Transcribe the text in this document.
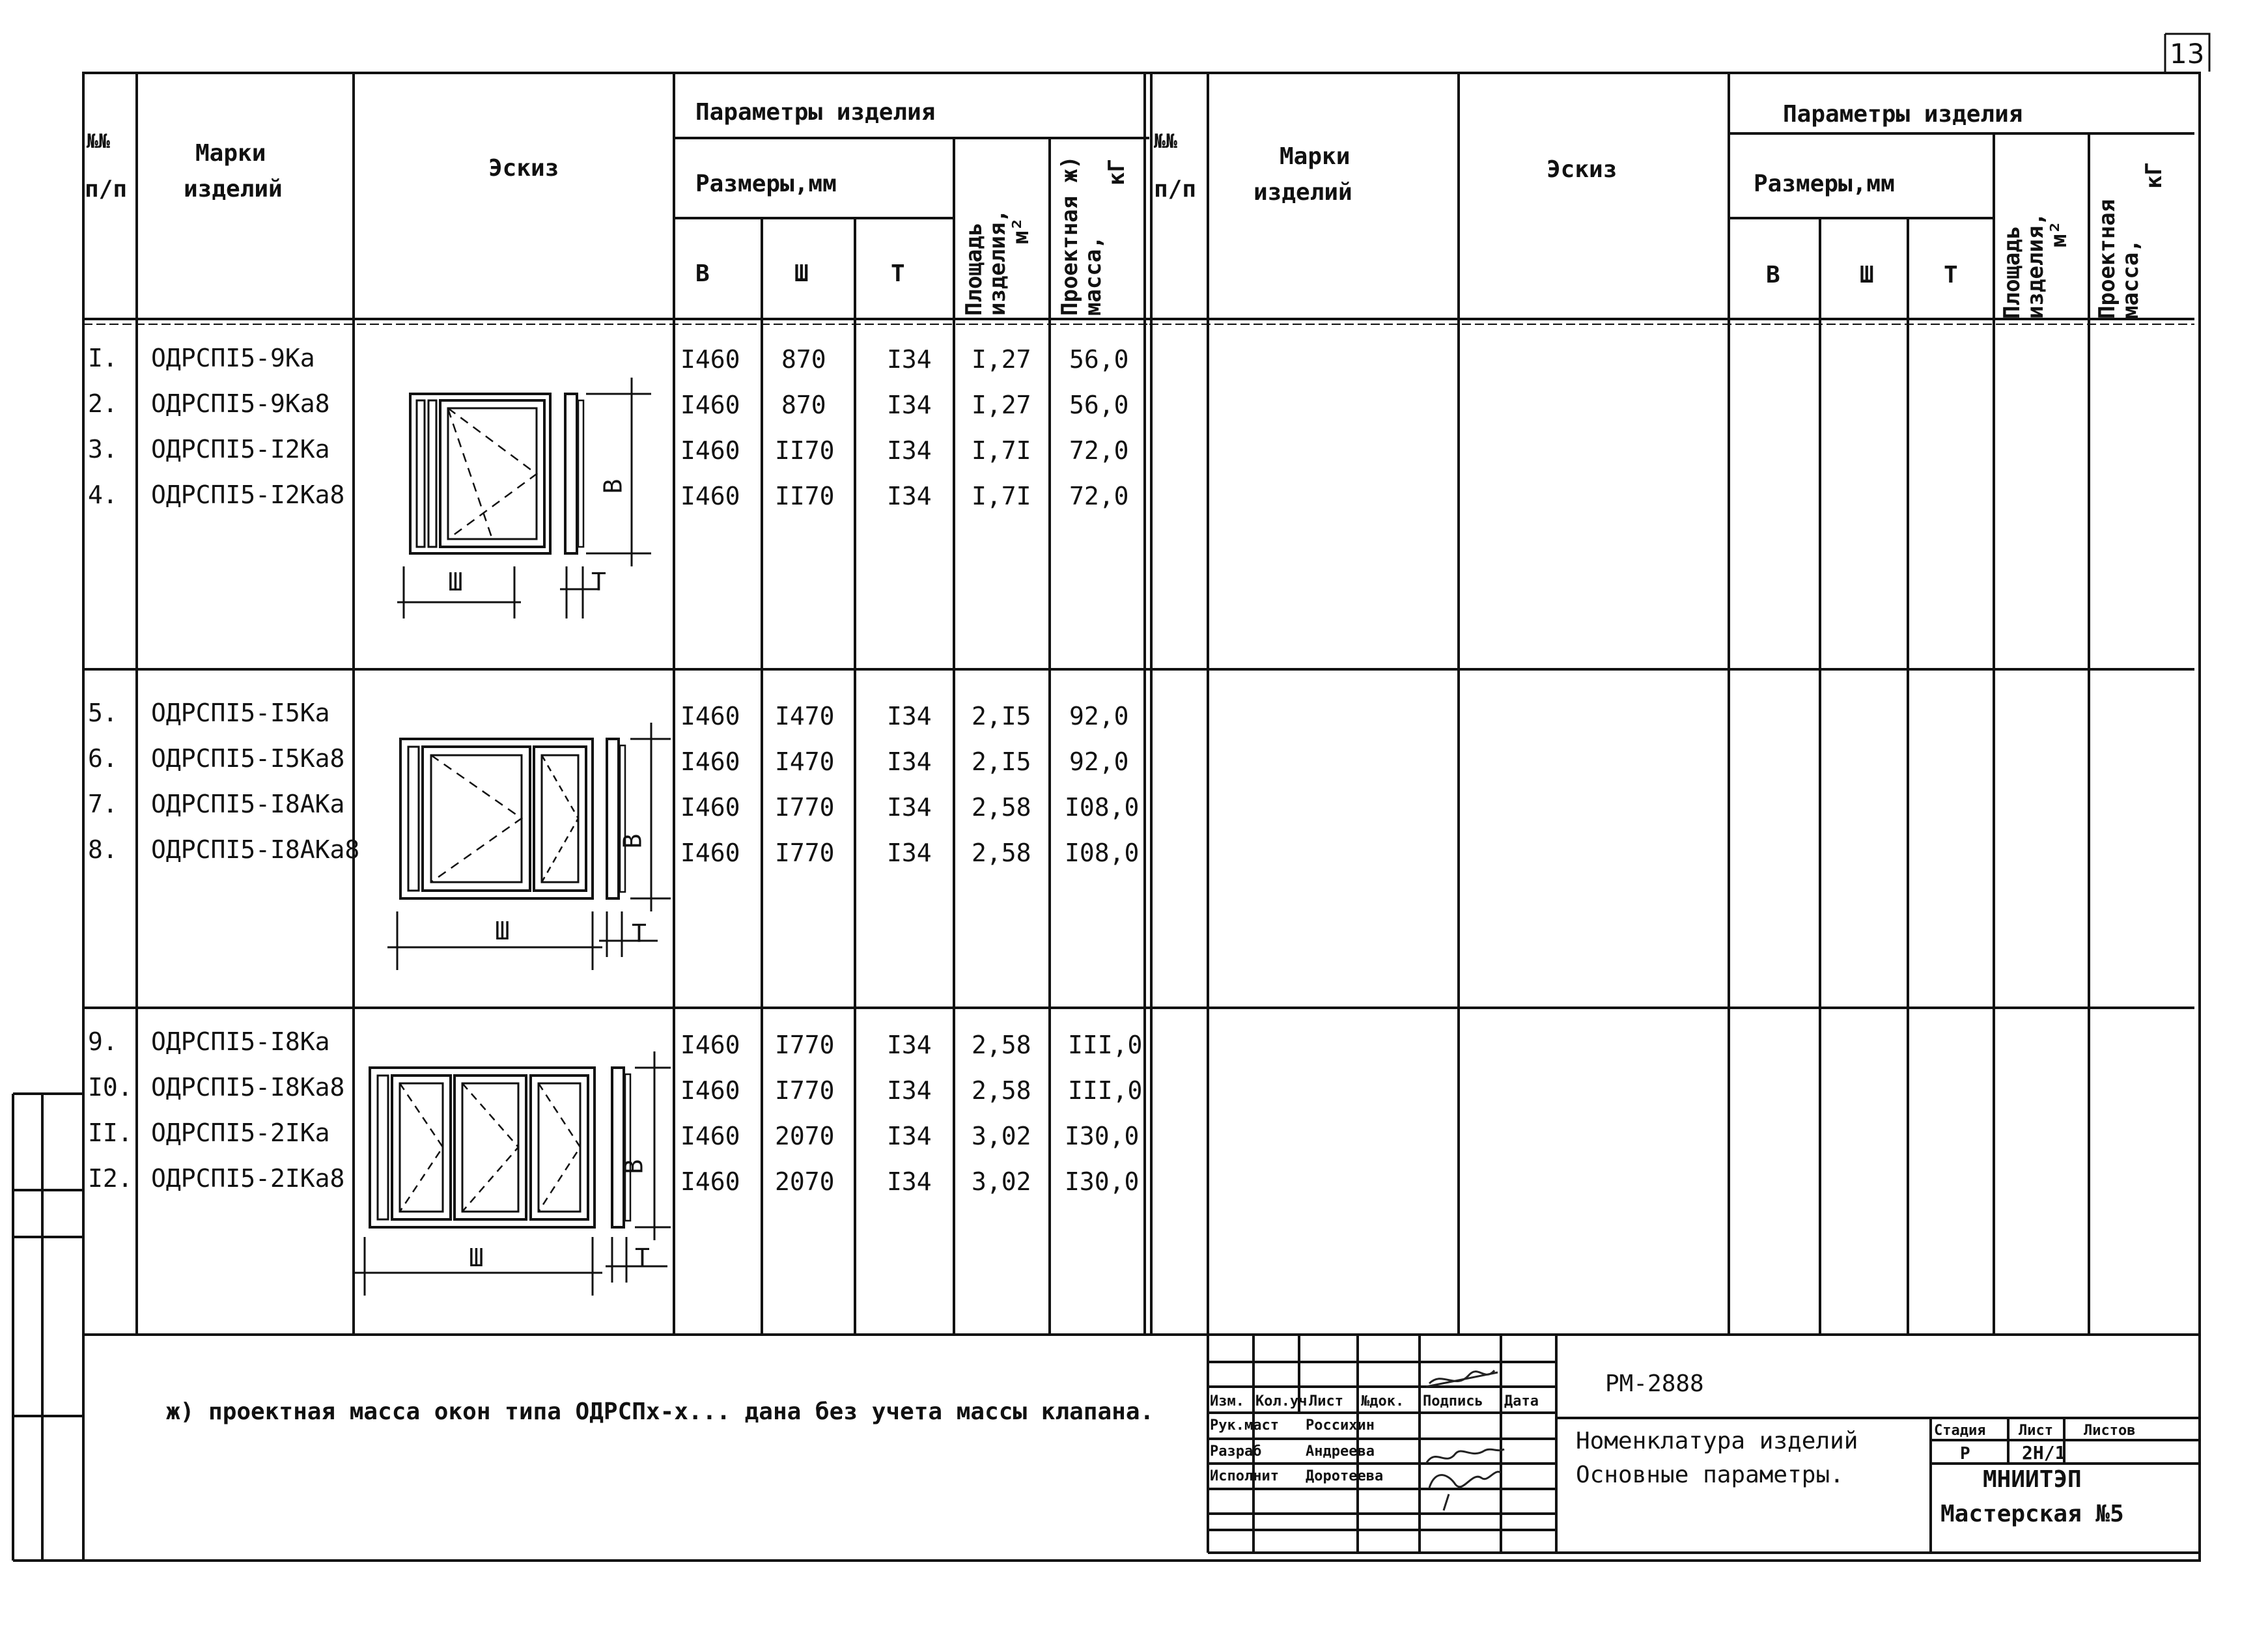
13
№№
п/п
Марки
изделий
Эскиз
Параметры изделия
Размеры,мм
В	Ш	Т	Площадь
изделия,
м² Проектная ж)
масса,
кГ
№№
п/п
Марки
изделий
Эскиз
Параметры изделия
Размеры,мм
В	Ш	Т Площадь
изделия,
м² Проектная
масса,
кГ
I. ОДРСПI5-9Ка	I460 870 I34 I,27 56,0
2. ОДРСПI5-9Ка8	I460 870 I34 I,27 56,0
3. ОДРСПI5-I2Ка	I460 II70 I34 I,7I 72,0
4. ОДРСПI5-I2Ка8	I460 II70 I34 I,7I 72,0
5. ОДРСПI5-I5Ка	I460 I470 I34 2,I5 92,0
6. ОДРСПI5-I5Ка8	I460 I470 I34 2,I5 92,0
7. ОДРСПI5-I8АКа	I460 I770 I34 2,58 I08,0
8. ОДРСПI5-I8АКа8	I460 I770 I34 2,58 I08,0
9. ОДРСПI5-I8Ка	I460 I770 I34 2,58 III,0
I0. ОДРСПI5-I8Ка8	I460 I770 I34 2,58 III,0
II. ОДРСПI5-2IКа	I460 2070 I34 3,02 I30,0
I2. ОДРСПI5-2IКа8	I460 2070 I34 3,02 I30,0
В
Ш	Т
В
Ш	Т
В
Ш	Т
ж) проектная масса окон типа ОДРСПх-х... дана без учета массы клапана.
РМ-2888
Номенклатура изделий
Основные параметры.
Стадия Лист Листов
Р	2Н/1
МНИИТЭП
Мастерская №5
Изм. Кол.уч Лист №док. Подпись Дата
Рук.маст Россихин
Разраб	Андреева
Исполнит Доротеева
